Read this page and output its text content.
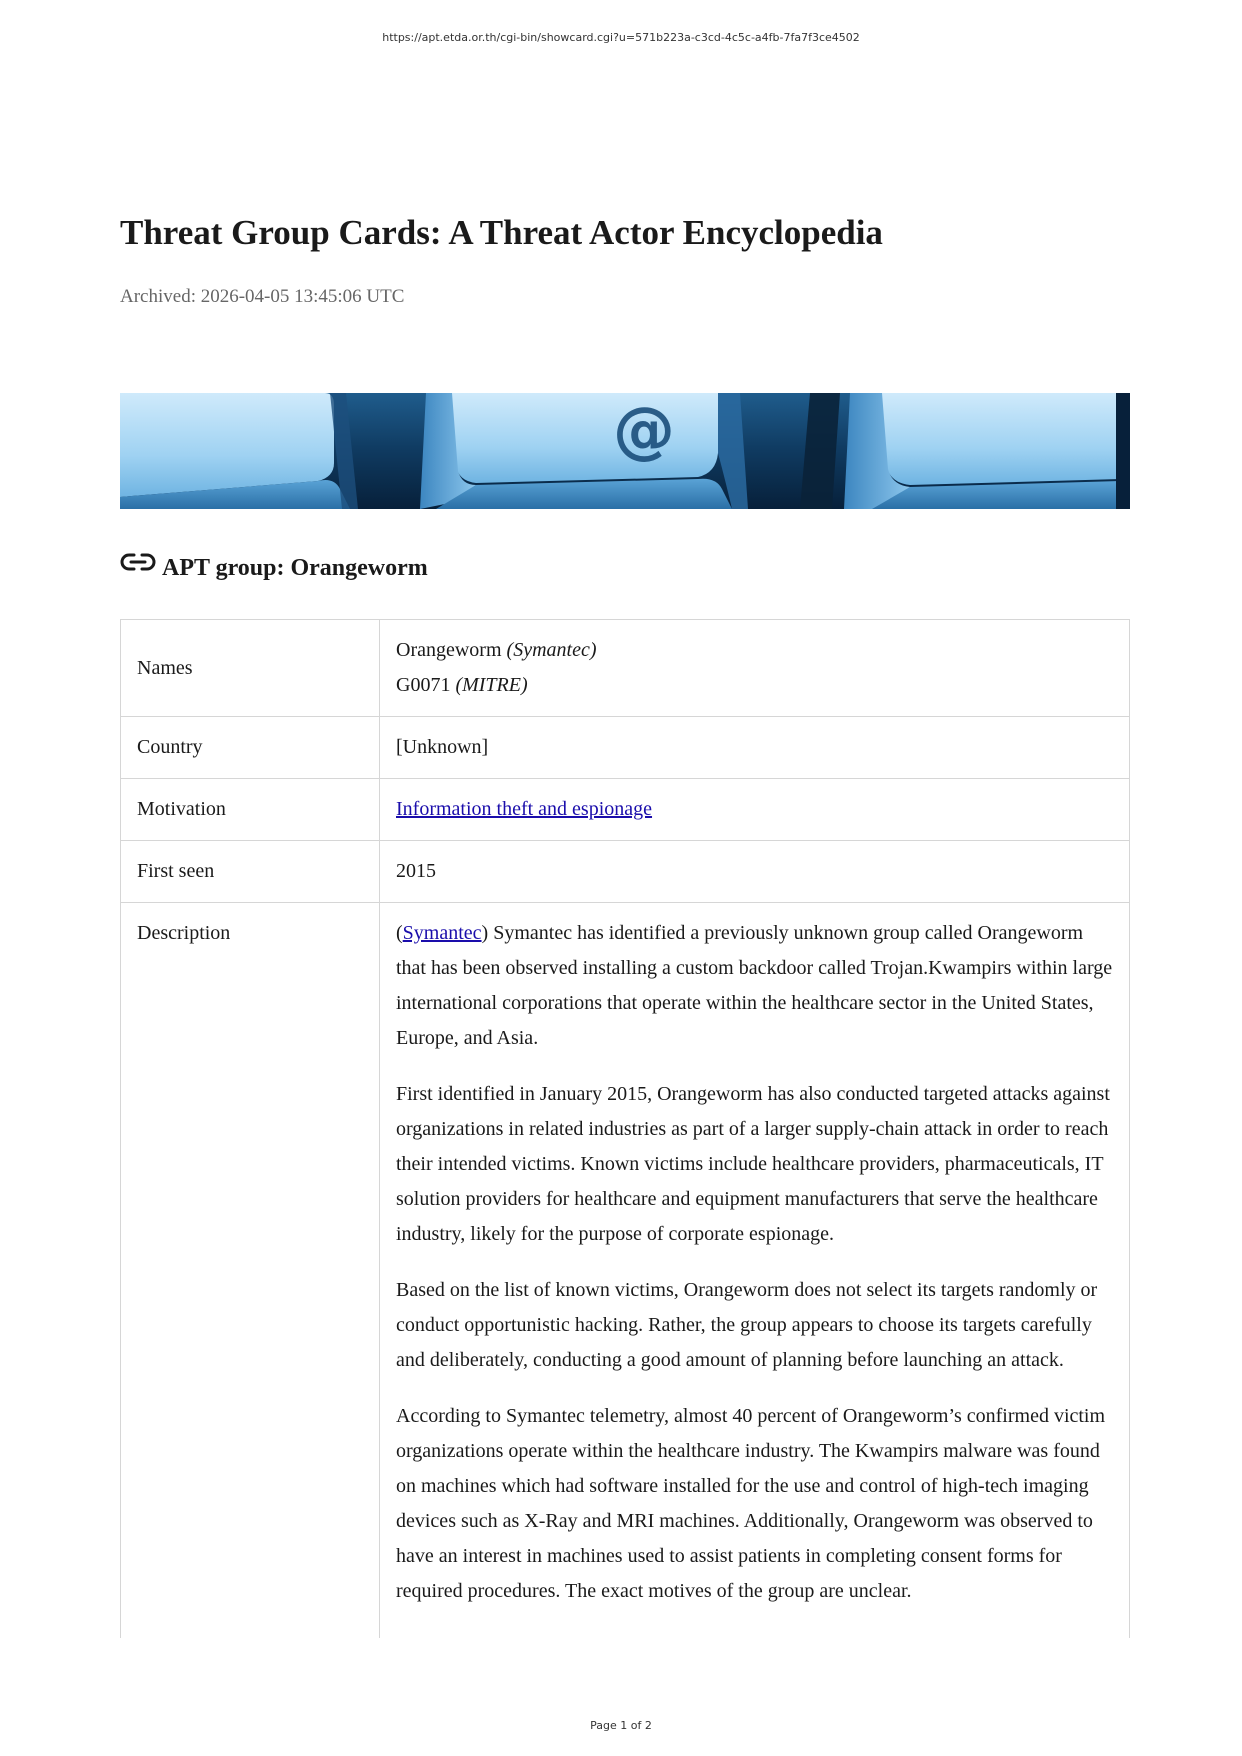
https://apt.etda.or.th/cgi-bin/showcard.cgi?u=571b223a-c3cd-4c5c-a4fb-7fa7f3ce4502
Threat Group Cards: A Threat Actor Encyclopedia
Archived: 2026-04-05 13:45:06 UTC
@
APT group: Orangeworm
Names	Orangeworm (Symantec)
G0071 (MITRE)

Country	[Unknown]
Motivation	Information theft and espionage
First seen	2015
Description	(Symantec) Symantec has identified a previously unknown group called Orangeworm that has been observed installing a custom backdoor called Trojan.Kwampirs within large international corporations that operate within the healthcare sector in the United States, Europe, and Asia.

First identified in January 2015, Orangeworm has also conducted targeted attacks against organizations in related industries as part of a larger supply-chain attack in order to reach their intended victims. Known victims include healthcare providers, pharmaceuticals, IT solution providers for healthcare and equipment manufacturers that serve the healthcare industry, likely for the purpose of corporate espionage.

Based on the list of known victims, Orangeworm does not select its targets randomly or conduct opportunistic hacking. Rather, the group appears to choose its targets carefully and deliberately, conducting a good amount of planning before launching an attack.

According to Symantec telemetry, almost 40 percent of Orangeworm’s confirmed victim organizations operate within the healthcare industry. The Kwampirs malware was found on machines which had software installed for the use and control of high-tech imaging devices such as X-Ray and MRI machines. Additionally, Orangeworm was observed to have an interest in machines used to assist patients in completing consent forms for required procedures. The exact motives of the group are unclear.

Page 1 of 2
